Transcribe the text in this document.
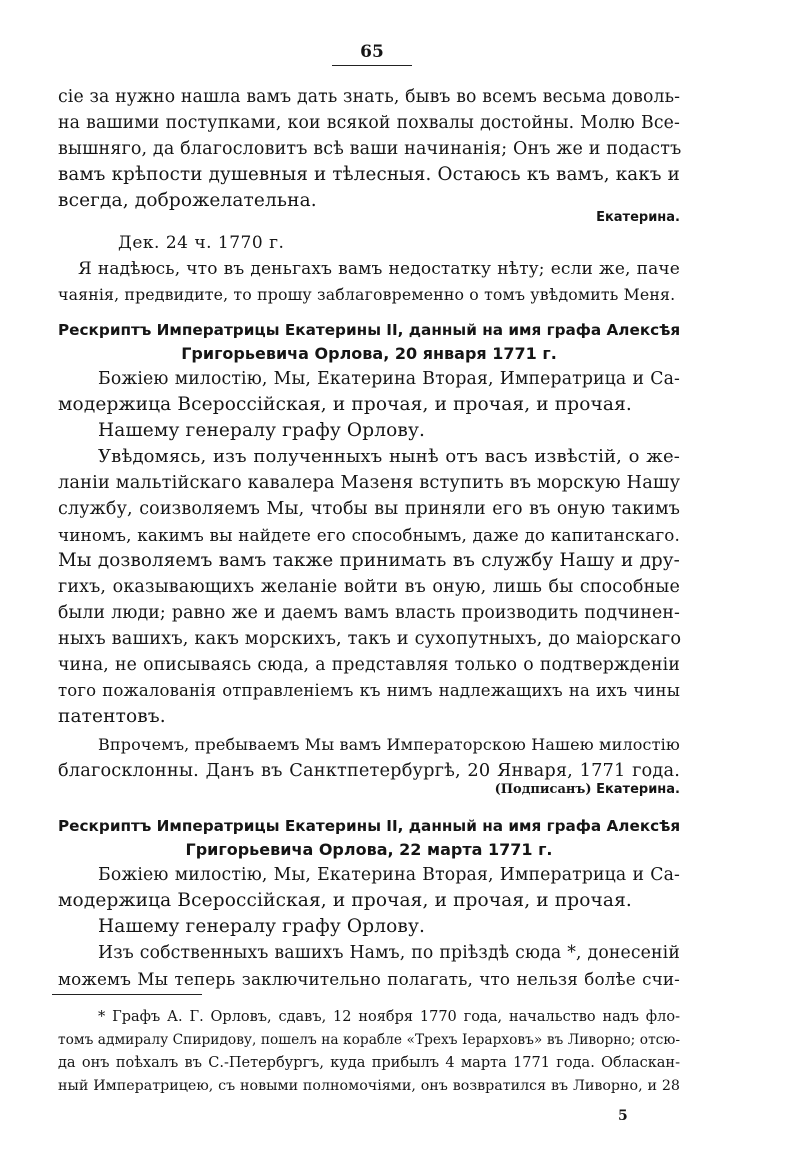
65
сіе за нужно нашла вамъ дать знать, бывъ во всемъ весьма доволь-
на вашими поступками, кои всякой похвалы достойны. Молю Все-
вышняго, да благословитъ всѣ ваши начинанія; Онъ же и подастъ
вамъ крѣпости душевныя и тѣлесныя. Остаюсь къ вамъ, какъ и
всегда, доброжелательна.
Екатерина.
Дек. 24 ч. 1770 г.
Я надѣюсь, что въ деньгахъ вамъ недостатку нѣту; если же, паче
чаянія, предвидите, то прошу заблаговременно о томъ увѣдомить Меня.
Рескриптъ Императрицы Екатерины II, данный на имя графа Алексѣя
Григорьевича Орлова, 20 января 1771 г.
Божіею милостію, Мы, Екатерина Вторая, Императрица и Са-
модержица Всероссійская, и прочая, и прочая, и прочая.
Нашему генералу графу Орлову.
Увѣдомясь, изъ полученныхъ нынѣ отъ васъ извѣстій, о же-
ланіи мальтійскаго кавалера Мазеня вступить въ морскую Нашу
службу, соизволяемъ Мы, чтобы вы приняли его въ оную такимъ
чиномъ, какимъ вы найдете его способнымъ, даже до капитанскаго.
Мы дозволяемъ вамъ также принимать въ службу Нашу и дру-
гихъ, оказывающихъ желаніе войти въ оную, лишь бы способные
были люди; равно же и даемъ вамъ власть производить подчинен-
ныхъ вашихъ, какъ морскихъ, такъ и сухопутныхъ, до маіорскаго
чина, не описываясь сюда, а представляя только о подтвержденіи
того пожалованія отправленіемъ къ нимъ надлежащихъ на ихъ чины
патентовъ.
Впрочемъ, пребываемъ Мы вамъ Императорскою Нашею милостію
благосклонны. Данъ въ Санктпетербургѣ, 20 Января, 1771 года.
(Подписанъ) Екатерина.
Рескриптъ Императрицы Екатерины II, данный на имя графа Алексѣя
Григорьевича Орлова, 22 марта 1771 г.
Божіею милостію, Мы, Екатерина Вторая, Императрица и Са-
модержица Всероссійская, и прочая, и прочая, и прочая.
Нашему генералу графу Орлову.
Изъ собственныхъ вашихъ Намъ, по пріѣздѣ сюда *, донесеній
можемъ Мы теперь заключительно полагать, что нельзя болѣе счи-
* Графъ А. Г. Орловъ, сдавъ, 12 ноября 1770 года, начальство надъ фло-
томъ адмиралу Спиридову, пошелъ на корабле «Трехъ Іерарховъ» въ Ливорно; отсю-
да онъ поѣхалъ въ С.-Петербургъ, куда прибылъ 4 марта 1771 года. Обласкан-
ный Императрицею, съ новыми полномочіями, онъ возвратился въ Ливорно, и 28
5
